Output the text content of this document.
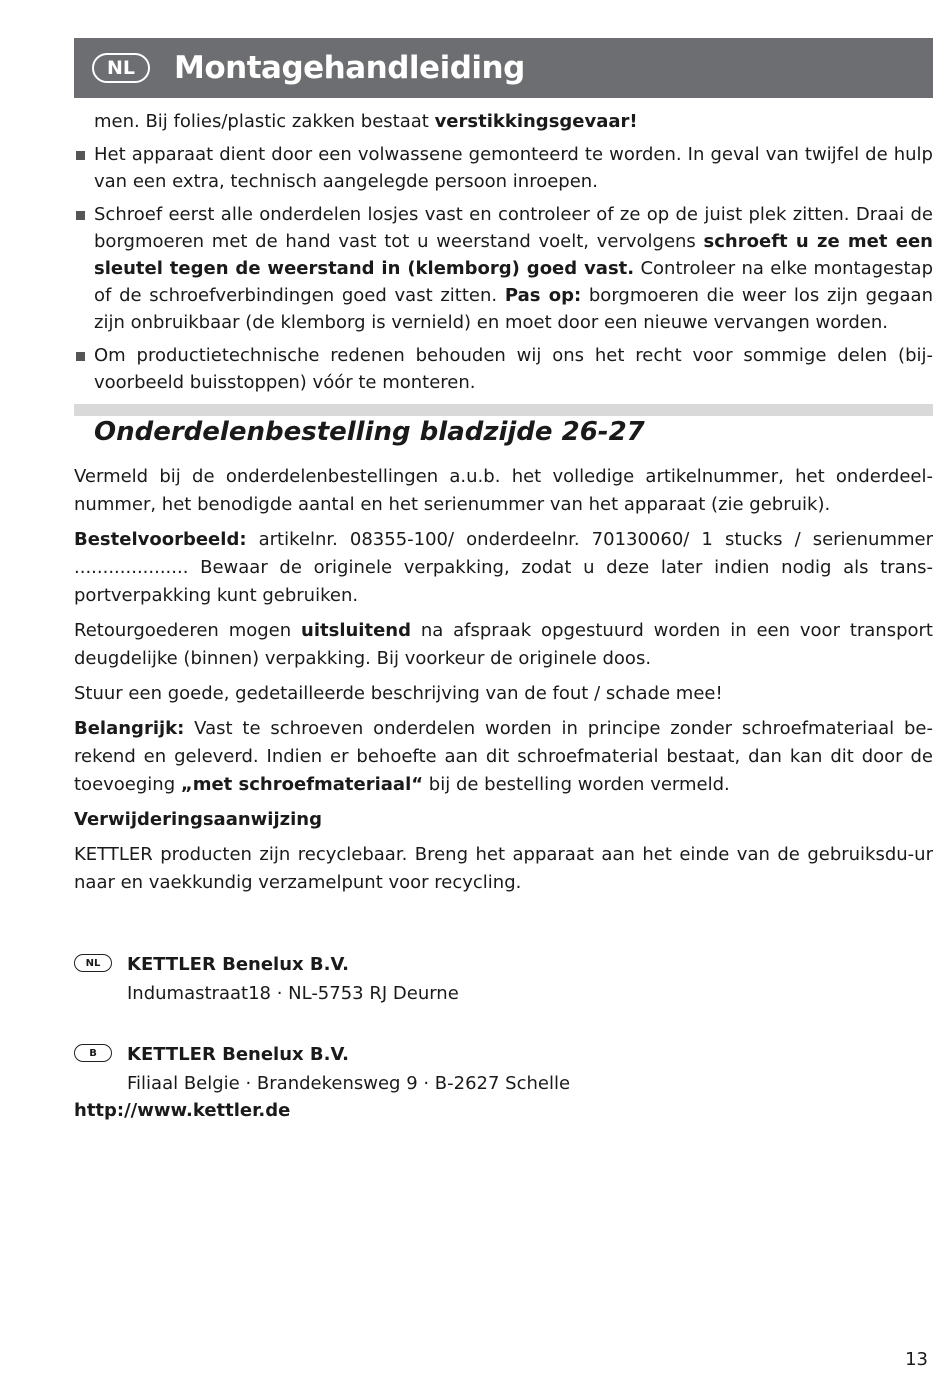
NL	Montagehandleiding

men. Bij folies/plastic zakken bestaat verstikkingsgevaar!

Het apparaat dient door een volwassene gemonteerd te worden. In geval van twijfel de hulp van een extra, technisch aangelegde persoon inroepen.

Schroef eerst alle onderdelen losjes vast en controleer of ze op de juist plek zitten. Draai de borgmoeren met de hand vast tot u weerstand voelt, vervolgens schroeft u ze met een sleutel tegen de weerstand in (klemborg) goed vast. Controleer na elke montagestap of de schroefverbindingen goed vast zitten. Pas op: borgmoeren die weer los zijn gegaan zijn onbruikbaar (de klemborg is vernield) en moet door een nieuwe vervangen worden.

Om productietechnische redenen behouden wij ons het recht voor sommige delen (bij-voorbeeld buisstoppen) vóór te monteren.

Onderdelenbestelling bladzijde 26-27

Vermeld bij de onderdelenbestellingen a.u.b. het volledige artikelnummer, het onderdeel-nummer, het benodigde aantal en het serienummer van het apparaat (zie gebruik).

Bestelvoorbeeld: artikelnr. 08355-100/ onderdeelnr. 70130060/ 1 stucks / serienummer .................... Bewaar de originele verpakking, zodat u deze later indien nodig als trans-portverpakking kunt gebruiken.

Retourgoederen mogen uitsluitend na afspraak opgestuurd worden in een voor transport deugdelijke (binnen) verpakking. Bij voorkeur de originele doos.

Stuur een goede, gedetailleerde beschrijving van de fout / schade mee!

Belangrijk: Vast te schroeven onderdelen worden in principe zonder schroefmateriaal be-rekend en geleverd. Indien er behoefte aan dit schroefmaterial bestaat, dan kan dit door de toevoeging „met schroefmateriaal“ bij de bestelling worden vermeld.

Verwijderingsaanwijzing

KETTLER producten zijn recyclebaar. Breng het apparaat aan het einde van de gebruiksdu-ur naar en vaekkundig verzamelpunt voor recycling.

NL	KETTLER Benelux B.V.
Indumastraat18 · NL-5753 RJ Deurne
B	KETTLER Benelux B.V.
Filiaal Belgie · Brandekensweg 9 · B-2627 Schelle
http://www.kettler.de
13
